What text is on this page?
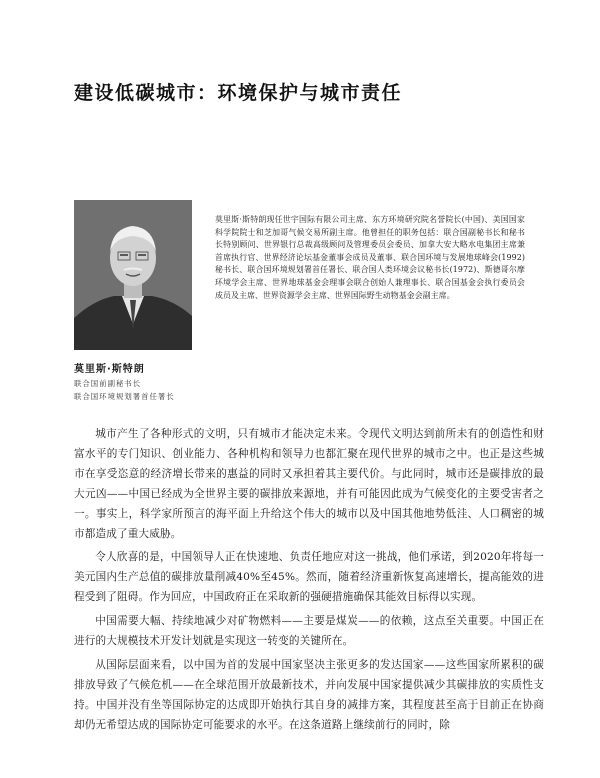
建设低碳城市：环境保护与城市责任
莫里斯·斯特朗现任世宇国际有限公司主席、东方环境研究院名誉院长(中国)、美国国家科学院院士和芝加哥气候交易所副主席。他曾担任的职务包括：联合国副秘书长和秘书长特别顾问、世界银行总裁高级顾问及管理委员会委员、加拿大安大略水电集团主席兼首席执行官、世界经济论坛基金董事会成员及董事、联合国环境与发展地球峰会(1992)秘书长、联合国环境规划署首任署长、联合国人类环境会议秘书长(1972)、斯德哥尔摩环境学会主席、世界地球基金会理事会联合创始人兼理事长、联合国基金会执行委员会成员及主席、世界资源学会主席、世界国际野生动物基金会副主席。
莫里斯·斯特朗
联合国前副秘书长
联合国环境规划署首任署长

城市产生了各种形式的文明，只有城市才能决定未来。令现代文明达到前所未有的创造性和财富水平的专门知识、创业能力、各种机构和领导力也都汇聚在现代世界的城市之中。也正是这些城市在享受恣意的经济增长带来的惠益的同时又承担着其主要代价。与此同时，城市还是碳排放的最大元凶——中国已经成为全世界主要的碳排放来源地，并有可能因此成为气候变化的主要受害者之一。事实上，科学家所预言的海平面上升给这个伟大的城市以及中国其他地势低洼、人口稠密的城市都造成了重大威胁。

令人欣喜的是，中国领导人正在快速地、负责任地应对这一挑战，他们承诺，到2020年将每一美元国内生产总值的碳排放量削减40%至45%。然而，随着经济重新恢复高速增长，提高能效的进程受到了阻碍。作为回应，中国政府正在采取新的强硬措施确保其能效目标得以实现。

中国需要大幅、持续地减少对矿物燃料——主要是煤炭——的依赖，这点至关重要。中国正在进行的大规模技术开发计划就是实现这一转变的关键所在。

从国际层面来看，以中国为首的发展中国家坚决主张更多的发达国家——这些国家所累积的碳排放导致了气候危机——在全球范围开放最新技术，并向发展中国家提供减少其碳排放的实质性支持。中国并没有坐等国际协定的达成即开始执行其自身的减排方案，其程度甚至高于目前正在协商却仍无希望达成的国际协定可能要求的水平。在这条道路上继续前行的同时，除
